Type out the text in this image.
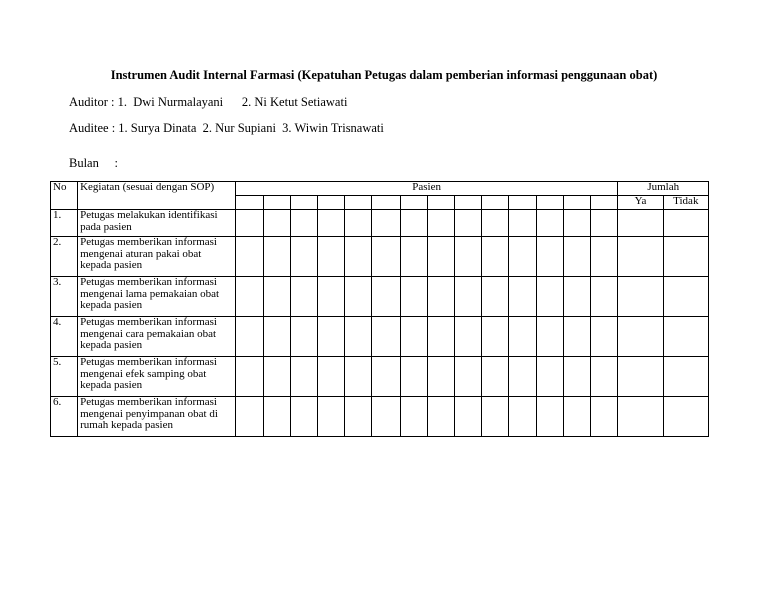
Instrumen Audit Internal Farmasi (Kepatuhan Petugas dalam pemberian informasi penggunaan obat)
Auditor : 1.  Dwi Nurmalayani 2. Ni Ketut Setiawati
Auditee : 1. Surya Dinata 2. Nur Supiani 3. Wiwin Trisnawati
Bulan :
No	Kegiatan (sesuai dengan SOP)	Pasien														Jumlah	
																Ya	Tidak
1.	Petugas melakukan identifikasi pada pasien																
2.	Petugas memberikan informasi mengenai aturan pakai obat kepada pasien																
3.	Petugas memberikan informasi mengenai lama pemakaian obat kepada pasien																
4.	Petugas memberikan informasi mengenai cara pemakaian obat kepada pasien																
5.	Petugas memberikan informasi mengenai efek samping obat kepada pasien																
6.	Petugas memberikan informasi mengenai penyimpanan obat di rumah kepada pasien																
